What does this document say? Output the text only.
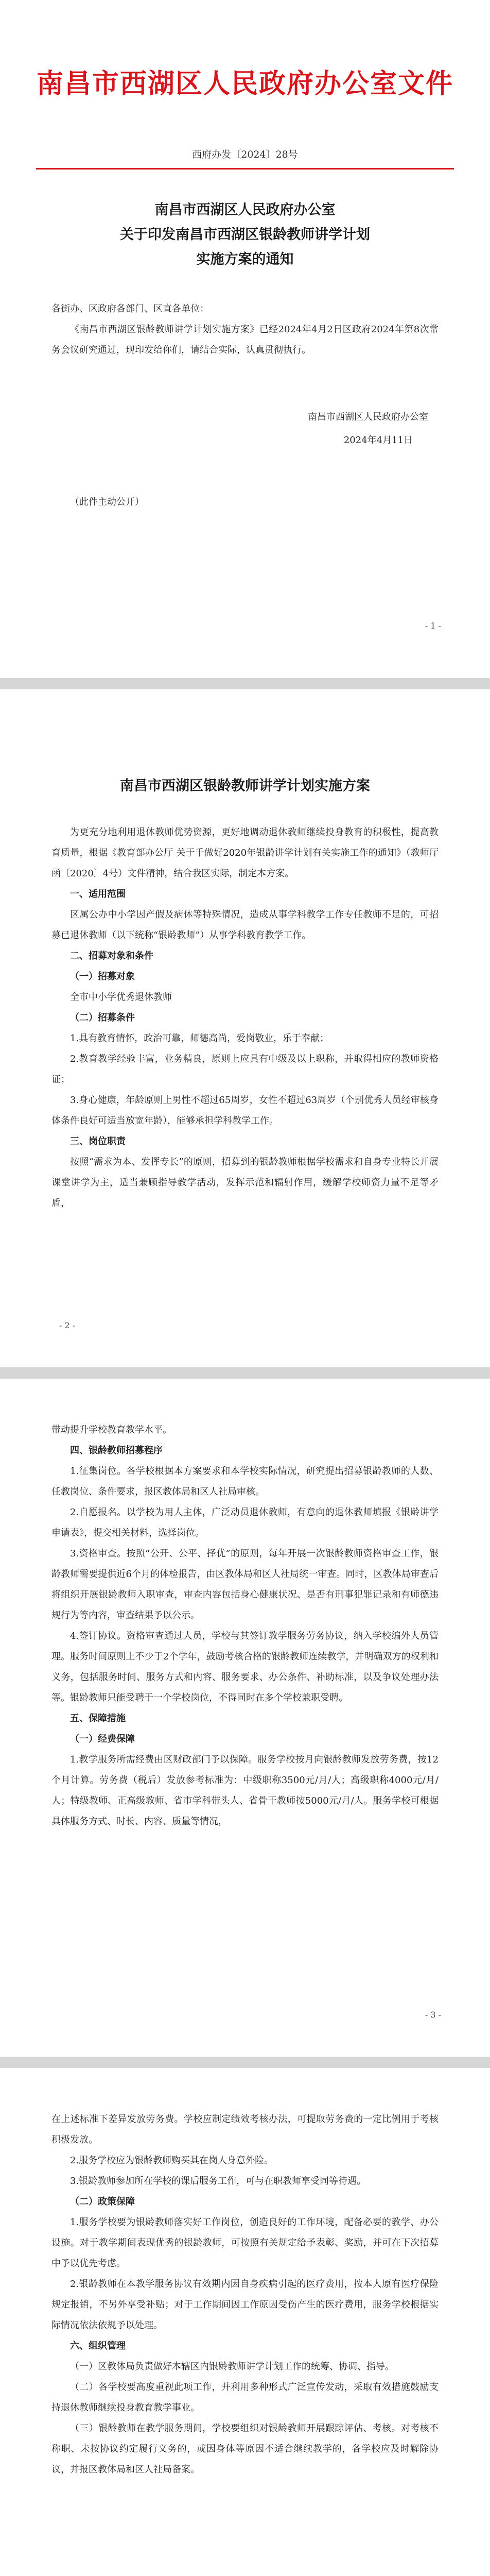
南昌市西湖区人民政府办公室文件
西府办发〔2024〕28号
南昌市西湖区人民政府办公室
关于印发南昌市西湖区银龄教师讲学计划
实施方案的通知

各街办、区政府各部门、区直各单位：

《南昌市西湖区银龄教师讲学计划实施方案》已经2024年4月2日区政府2024年第8次常务会议研究通过，现印发给你们，请结合实际，认真贯彻执行。

南昌市西湖区人民政府办公室
2024年4月11日

（此件主动公开）

- 1 -
南昌市西湖区银龄教师讲学计划实施方案

为更充分地利用退休教师优势资源，更好地调动退休教师继续投身教育的积极性，提高教育质量，根据《教育部办公厅 关于千做好2020年银龄讲学计划有关实施工作的通知》（教师厅函〔2020〕4号）文件精神，结合我区实际，制定本方案。

一、适用范围

区属公办中小学因产假及病休等特殊情况，造成从事学科教学工作专任教师不足的，可招募已退休教师（以下统称“银龄教师”）从事学科教育教学工作。

二、招募对象和条件

（一）招募对象

全市中小学优秀退休教师

（二）招募条件

1.具有教育情怀，政治可靠，师德高尚，爱岗敬业，乐于奉献；

2.教育教学经验丰富，业务精良，原则上应具有中级及以上职称，并取得相应的教师资格证；

3.身心健康，年龄原则上男性不超过65周岁，女性不超过63周岁（个别优秀人员经审核身体条件良好可适当放宽年龄），能够承担学科教学工作。

三、岗位职责

按照“需求为本、发挥专长”的原则，招募到的银龄教师根据学校需求和自身专业特长开展课堂讲学为主，适当兼顾指导教学活动，发挥示范和辐射作用，缓解学校师资力量不足等矛盾，

- 2 -

带动提升学校教育教学水平。

四、银龄教师招募程序

1.征集岗位。各学校根据本方案要求和本学校实际情况，研究提出招募银龄教师的人数、任教岗位、条件要求，报区教体局和区人社局审核。

2.自愿报名。以学校为用人主体，广泛动员退休教师，有意向的退休教师填报《银龄讲学申请表》，提交相关材料，选择岗位。

3.资格审查。按照“公开、公平、择优”的原则，每年开展一次银龄教师资格审查工作，银龄教师需要提供近6个月的体检报告，由区教体局和区人社局统一审查。同时，区教体局审查后将组织开展银龄教师入职审查，审查内容包括身心健康状况、是否有刑事犯罪记录和有师德违规行为等内容，审查结果予以公示。

4.签订协议。资格审查通过人员，学校与其签订教学服务劳务协议，纳入学校编外人员管理。服务时间原则上不少于2个学年，鼓励考核合格的银龄教师连续教学，并明确双方的权利和义务，包括服务时间、服务方式和内容、服务要求、办公条件、补助标准，以及争议处理办法等。银龄教师只能受聘于一个学校岗位，不得同时在多个学校兼职受聘。

五、保障措施

（一）经费保障

1.教学服务所需经费由区财政部门予以保障。服务学校按月向银龄教师发放劳务费，按12个月计算。劳务费（税后）发放参考标准为：中级职称3500元/月/人；高级职称4000元/月/人；特级教师、正高级教师、省市学科带头人、省骨干教师按5000元/月/人。服务学校可根据具体服务方式、时长、内容、质量等情况，

- 3 -

在上述标准下差异发放劳务费。学校应制定绩效考核办法，可提取劳务费的一定比例用于考核积极发放。

2.服务学校应为银龄教师购买其在岗人身意外险。

3.银龄教师参加所在学校的课后服务工作，可与在职教师享受同等待遇。

（二）政策保障

1.服务学校要为银龄教师落实好工作岗位，创造良好的工作环境，配备必要的教学、办公设施。对于教学期间表现优秀的银龄教师，可按照有关规定给予表彰、奖励，并可在下次招募中予以优先考虑。

2.银龄教师在本教学服务协议有效期内因自身疾病引起的医疗费用，按本人原有医疗保险规定报销，不另外享受补贴；对于工作期间因工作原因受伤产生的医疗费用，服务学校根据实际情况依法依规予以处理。

六、组织管理

（一）区教体局负责做好本辖区内银龄教师讲学计划工作的统筹、协调、指导。

（二）各学校要高度重视此项工作，并利用多种形式广泛宣传发动，采取有效措施鼓励支持退休教师继续投身教育教学事业。

（三）银龄教师在教学服务期间，学校要组织对银龄教师开展跟踪评估、考核。对考核不称职、未按协议约定履行义务的，或因身体等原因不适合继续教学的，各学校应及时解除协议，并报区教体局和区人社局备案。
